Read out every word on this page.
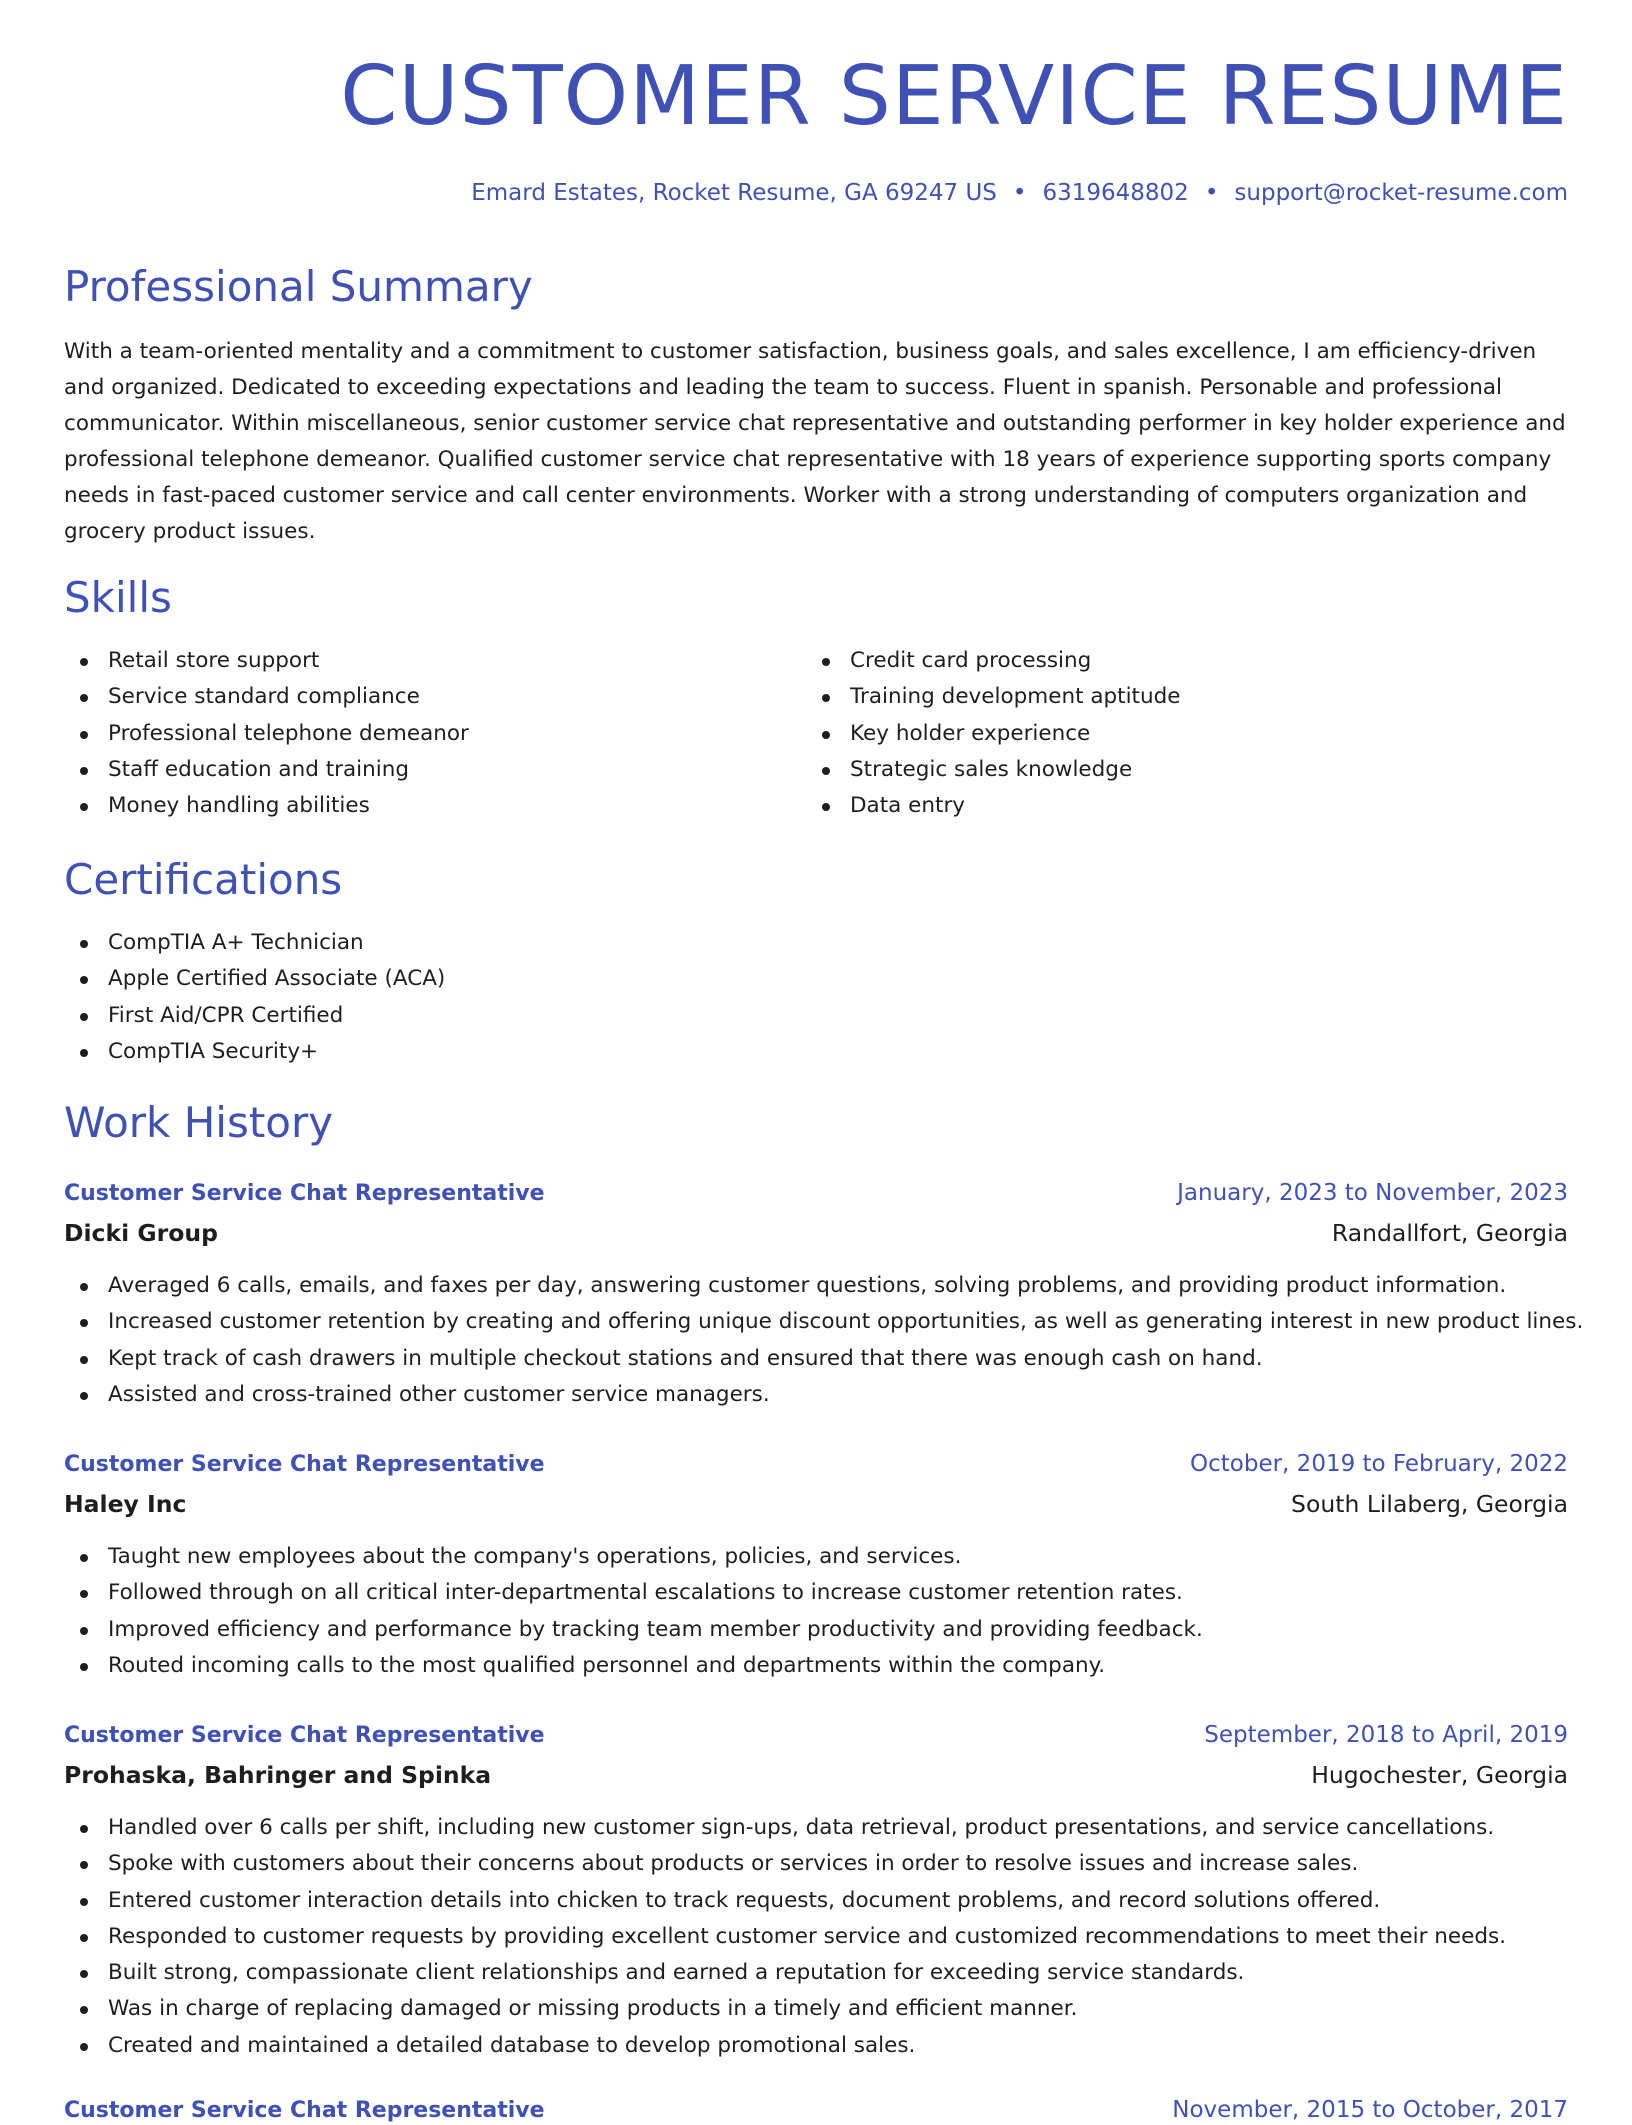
CUSTOMER SERVICE RESUME
Emard Estates, Rocket Resume, GA 69247 US • 6319648802 • support@rocket-resume.com
Professional Summary
With a team-oriented mentality and a commitment to customer satisfaction, business goals, and sales excellence, I am efficiency-driven and organized. Dedicated to exceeding expectations and leading the team to success. Fluent in spanish. Personable and professional communicator. Within miscellaneous, senior customer service chat representative and outstanding performer in key holder experience and professional telephone demeanor. Qualified customer service chat representative with 18 years of experience supporting sports company needs in fast-paced customer service and call center environments. Worker with a strong understanding of computers organization and grocery product issues.
Skills
Retail store support
Service standard compliance
Professional telephone demeanor
Staff education and training
Money handling abilities
Credit card processing
Training development aptitude
Key holder experience
Strategic sales knowledge
Data entry
Certifications
CompTIA A+ Technician
Apple Certified Associate (ACA)
First Aid/CPR Certified
CompTIA Security+
Work History
Customer Service Chat Representative	January, 2023 to November, 2023
Dicki Group	Randallfort, Georgia
Averaged 6 calls, emails, and faxes per day, answering customer questions, solving problems, and providing product information.
Increased customer retention by creating and offering unique discount opportunities, as well as generating interest in new product lines.
Kept track of cash drawers in multiple checkout stations and ensured that there was enough cash on hand.
Assisted and cross-trained other customer service managers.
Customer Service Chat Representative	October, 2019 to February, 2022
Haley Inc	South Lilaberg, Georgia
Taught new employees about the company's operations, policies, and services.
Followed through on all critical inter-departmental escalations to increase customer retention rates.
Improved efficiency and performance by tracking team member productivity and providing feedback.
Routed incoming calls to the most qualified personnel and departments within the company.
Customer Service Chat Representative	September, 2018 to April, 2019
Prohaska, Bahringer and Spinka	Hugochester, Georgia
Handled over 6 calls per shift, including new customer sign-ups, data retrieval, product presentations, and service cancellations.
Spoke with customers about their concerns about products or services in order to resolve issues and increase sales.
Entered customer interaction details into chicken to track requests, document problems, and record solutions offered.
Responded to customer requests by providing excellent customer service and customized recommendations to meet their needs.
Built strong, compassionate client relationships and earned a reputation for exceeding service standards.
Was in charge of replacing damaged or missing products in a timely and efficient manner.
Created and maintained a detailed database to develop promotional sales.
Customer Service Chat Representative	November, 2015 to October, 2017
